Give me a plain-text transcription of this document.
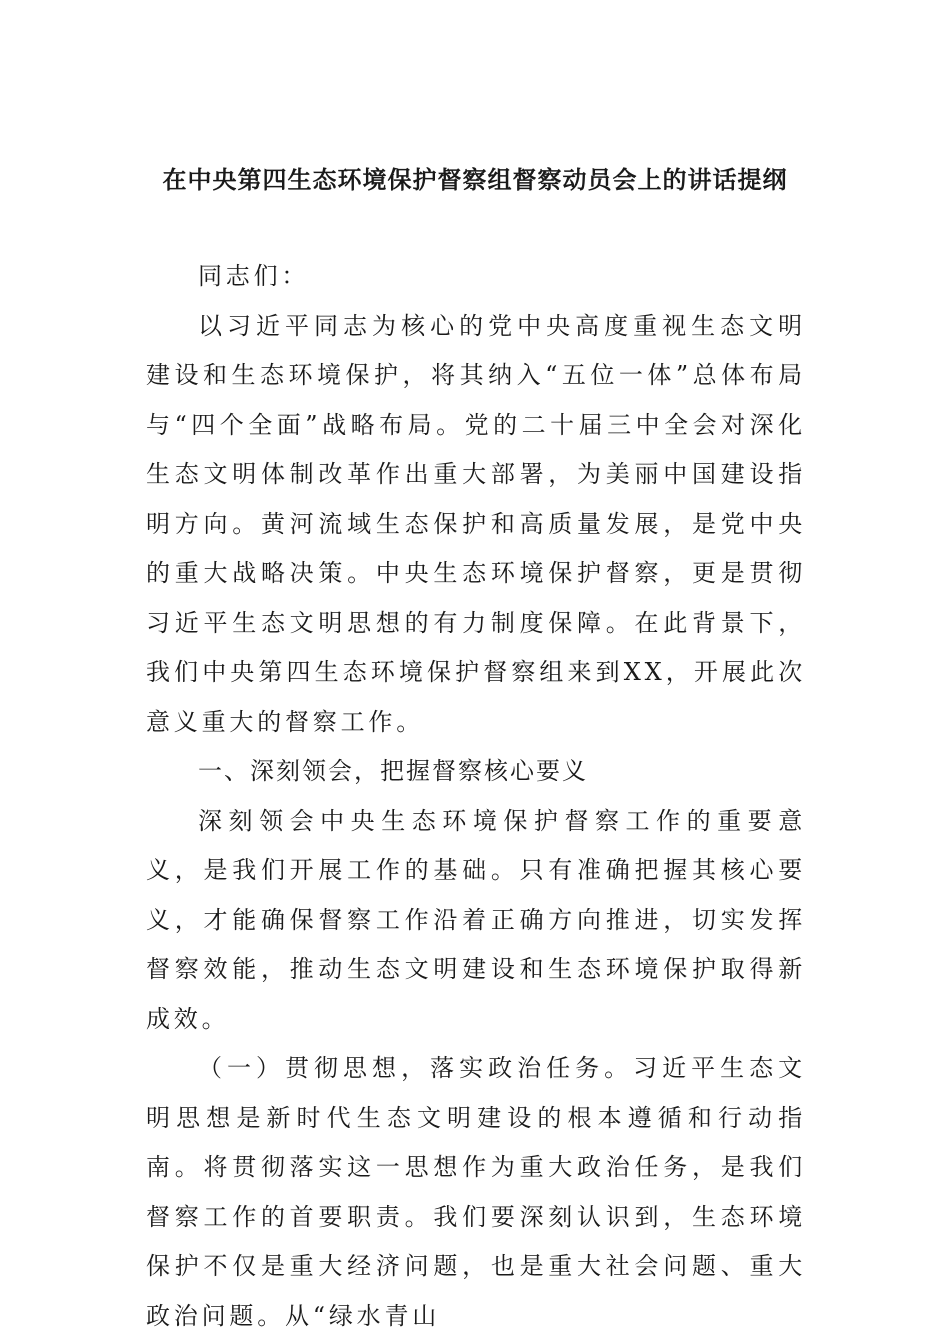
在中央第四生态环境保护督察组督察动员会上的讲话提纲

同志们：

以习近平同志为核心的党中央高度重视生态文明建设和生态环境保护，将其纳入“五位一体”总体布局与“四个全面”战略布局。党的二十届三中全会对深化生态文明体制改革作出重大部署，为美丽中国建设指明方向。黄河流域生态保护和高质量发展，是党中央的重大战略决策。中央生态环境保护督察，更是贯彻习近平生态文明思想的有力制度保障。在此背景下，我们中央第四生态环境保护督察组来到XX，开展此次意义重大的督察工作。

一、深刻领会，把握督察核心要义

深刻领会中央生态环境保护督察工作的重要意义，是我们开展工作的基础。只有准确把握其核心要义，才能确保督察工作沿着正确方向推进，切实发挥督察效能，推动生态文明建设和生态环境保护取得新成效。

（一）贯彻思想，落实政治任务。习近平生态文明思想是新时代生态文明建设的根本遵循和行动指南。将贯彻落实这一思想作为重大政治任务，是我们督察工作的首要职责。我们要深刻认识到，生态环境保护不仅是重大经济问题，也是重大社会问题、重大政治问题。从“绿水青山
